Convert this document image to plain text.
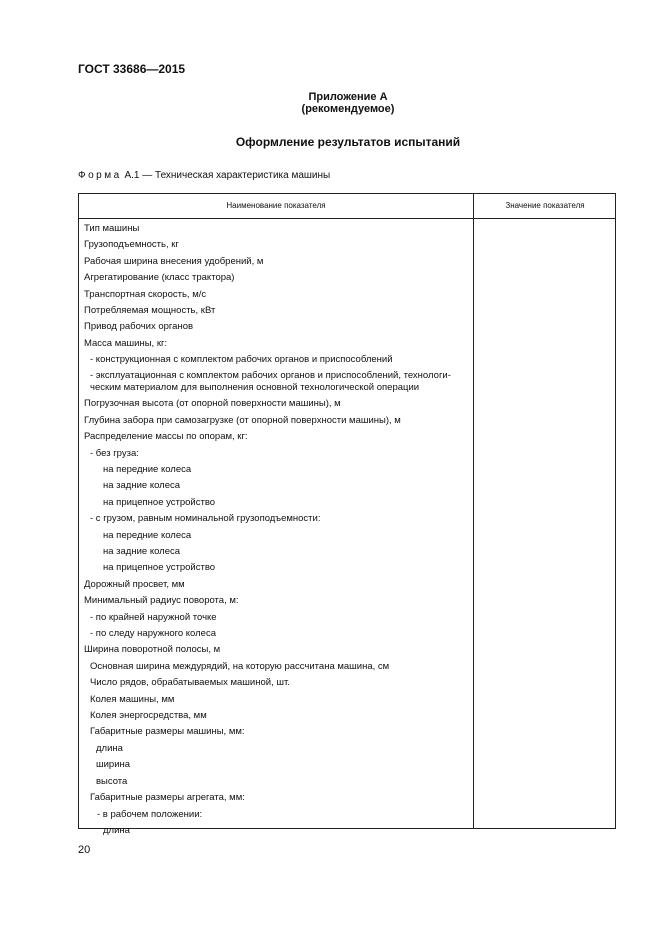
ГОСТ 33686—2015
Приложение А
(рекомендуемое)
Оформление результатов испытаний
Форма А.1 — Техническая характеристика машины
Наименование показателя	Значение показателя
Тип машины
Грузоподъемность, кг
Рабочая ширина внесения удобрений, м
Агрегатирование (класс трактора)
Транспортная скорость, м/с
Потребляемая мощность, кВт
Привод рабочих органов
Масса машины, кг:
- конструкционная с комплектом рабочих органов и приспособлений
- эксплуатационная с комплектом рабочих органов и приспособлений, технологи-
ческим материалом для выполнения основной технологической операции
Погрузочная высота (от опорной поверхности машины), м
Глубина забора при самозагрузке (от опорной поверхности машины), м
Распределение массы по опорам, кг:
- без груза:
на передние колеса
на задние колеса
на прицепное устройство
- с грузом, равным номинальной грузоподъемности:
на передние колеса
на задние колеса
на прицепное устройство
Дорожный просвет, мм
Минимальный радиус поворота, м:
- по крайней наружной точке
- по следу наружного колеса
Ширина поворотной полосы, м
Основная ширина междурядий, на которую рассчитана машина, см
Число рядов, обрабатываемых машиной, шт.
Колея машины, мм
Колея энергосредства, мм
Габаритные размеры машины, мм:
длина
ширина
высота
Габаритные размеры агрегата, мм:
- в рабочем положении:
длина
20
